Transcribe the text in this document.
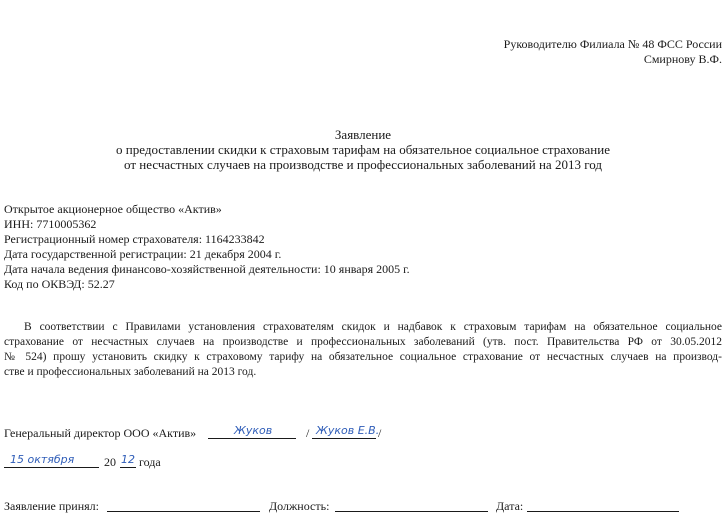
Руководителю Филиала № 48 ФСС России
Смирнову В.Ф.
Заявление
о предоставлении скидки к страховым тарифам на обязательное социальное страхование
от несчастных случаев на производстве и профессиональных заболеваний на 2013 год
Открытое акционерное общество «Актив»
ИНН: 7710005362
Регистрационный номер страхователя: 1164233842
Дата государственной регистрации: 21 декабря 2004 г.
Дата начала ведения финансово-хозяйственной деятельности: 10 января 2005 г.
Код по ОКВЭД: 52.27
В соответствии с Правилами установления страхователям скидок и надбавок к страховым тарифам на обязательное социальное
страхование от несчастных случаев на производстве и профессиональных заболеваний (утв. пост. Правительства РФ от 30.05.2012
№ 524) прошу установить скидку к страховому тарифу на обязательное социальное страхование от несчастных случаев на производ-
стве и профессиональных заболеваний на 2013 год.
Генеральный директор ООО «Актив»	Жуков	/ Жуков Е.В.
/
15 октября 20 12 года
Заявление принял:	Должность:	Дата:
